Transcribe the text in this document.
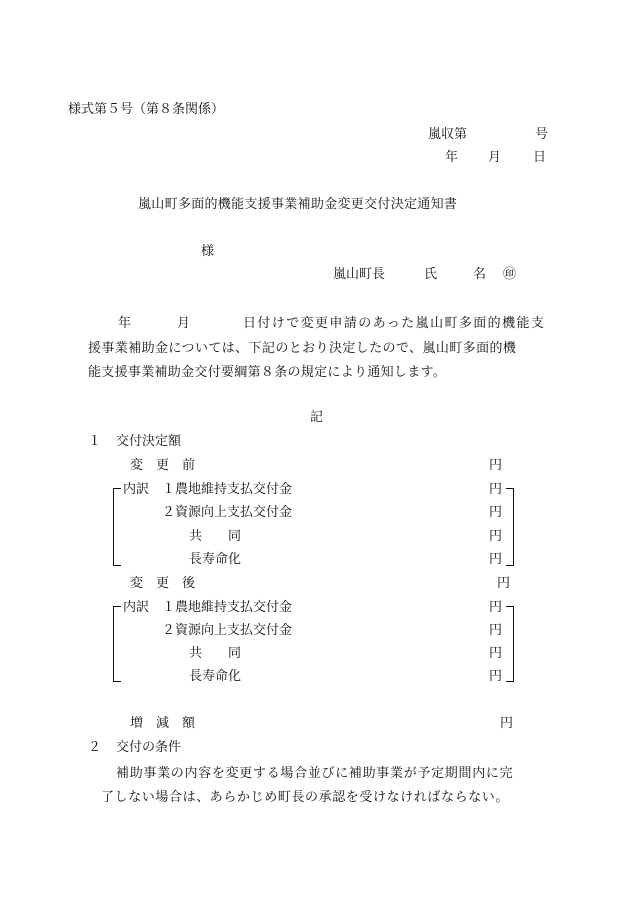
様式第５号（第８条関係）
嵐収第	号
年 月 日
嵐山町多面的機能支援事業補助金変更交付決定通知書
様
嵐山町長	氏	名 ㊞
年	月	日付けで変更申請のあった嵐山町多面的機能支
援事業補助金については、下記のとおり決定したので、嵐山町多面的機
能支援事業補助金交付要綱第８条の規定により通知します。
記
１ 交付決定額
変　更　前	円
内訳 １農地維持支払交付金	円
２資源向上支払交付金	円
共　　同	円
長寿命化	円
変　更　後	円
内訳 １農地維持支払交付金	円
２資源向上支払交付金	円
共　　同	円
長寿命化	円
増　減　額	円
２ 交付の条件
補助事業の内容を変更する場合並びに補助事業が予定期間内に完
了しない場合は、あらかじめ町長の承認を受けなければならない。
